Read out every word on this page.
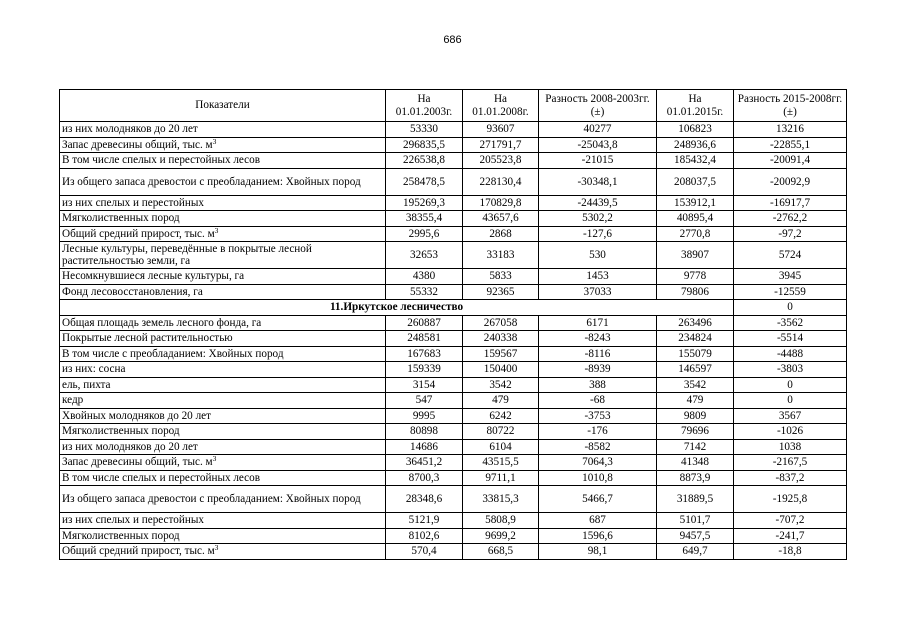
686
Показатели	На 01.01.2003г.	На 01.01.2008г.	Разность 2008-2003гг. (±)	На 01.01.2015г.	Разность 2015-2008гг. (±)
из них молодняков до 20 лет	53330	93607	40277	106823	13216
Запас древесины общий, тыс. $м^3$	296835,5	271791,7	-25043,8	248936,6	-22855,1
В том числе спелых и перестойных лесов	226538,8	205523,8	-21015	185432,4	-20091,4
Из общего запаса древостои с преобладанием: Хвойных пород	258478,5	228130,4	-30348,1	208037,5	-20092,9
из них спелых и перестойных	195269,3	170829,8	-24439,5	153912,1	-16917,7
Мягколиственных пород	38355,4	43657,6	5302,2	40895,4	-2762,2
Общий средний прирост, тыс. $м^3$	2995,6	2868	-127,6	2770,8	-97,2
Лесные культуры, переведённые в покрытые лесной растительностью земли, га	32653	33183	530	38907	5724
Несомкнувшиеся лесные культуры, га	4380	5833	1453	9778	3945
Фонд лесовосстановления, га	55332	92365	37033	79806	-12559
11.Иркутское лесничество					0
Общая площадь земель лесного фонда, га	260887	267058	6171	263496	-3562
Покрытые лесной растительностью	248581	240338	-8243	234824	-5514
В том числе с преобладанием: Хвойных пород	167683	159567	-8116	155079	-4488
из них: сосна	159339	150400	-8939	146597	-3803
ель, пихта	3154	3542	388	3542	0
кедр	547	479	-68	479	0
Хвойных молодняков до 20 лет	9995	6242	-3753	9809	3567
Мягколиственных пород	80898	80722	-176	79696	-1026
из них молодняков до 20 лет	14686	6104	-8582	7142	1038
Запас древесины общий, тыс. $м^3$	36451,2	43515,5	7064,3	41348	-2167,5
В том числе спелых и перестойных лесов	8700,3	9711,1	1010,8	8873,9	-837,2
Из общего запаса древостои с преобладанием: Хвойных пород	28348,6	33815,3	5466,7	31889,5	-1925,8
из них спелых и перестойных	5121,9	5808,9	687	5101,7	-707,2
Мягколиственных пород	8102,6	9699,2	1596,6	9457,5	-241,7
Общий средний прирост, тыс. $м^3$	570,4	668,5	98,1	649,7	-18,8
